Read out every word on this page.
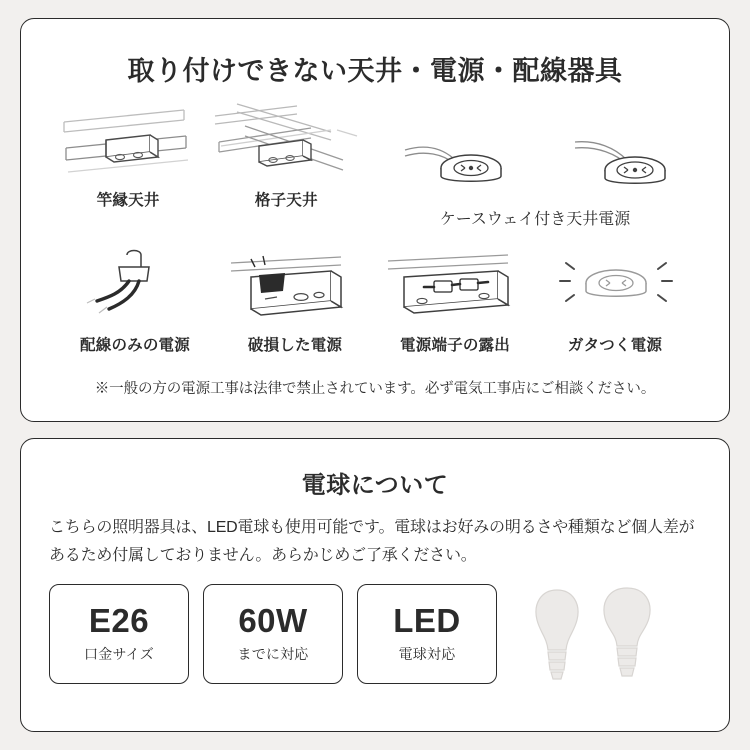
取り付けできない天井・電源・配線器具
竿縁天井	格子天井
ケースウェイ付き天井電源
配線のみの電源	破損した電源	電源端子の露出	ガタつく電源
※一般の方の電源工事は法律で禁止されています。必ず電気工事店にご相談ください。
電球について

こちらの照明器具は、LED電球も使用可能です。電球はお好みの明るさや種類など個人差があるため付属しておりません。あらかじめご了承ください。

E26
口金サイズ
60W
までに対応
LED
電球対応
